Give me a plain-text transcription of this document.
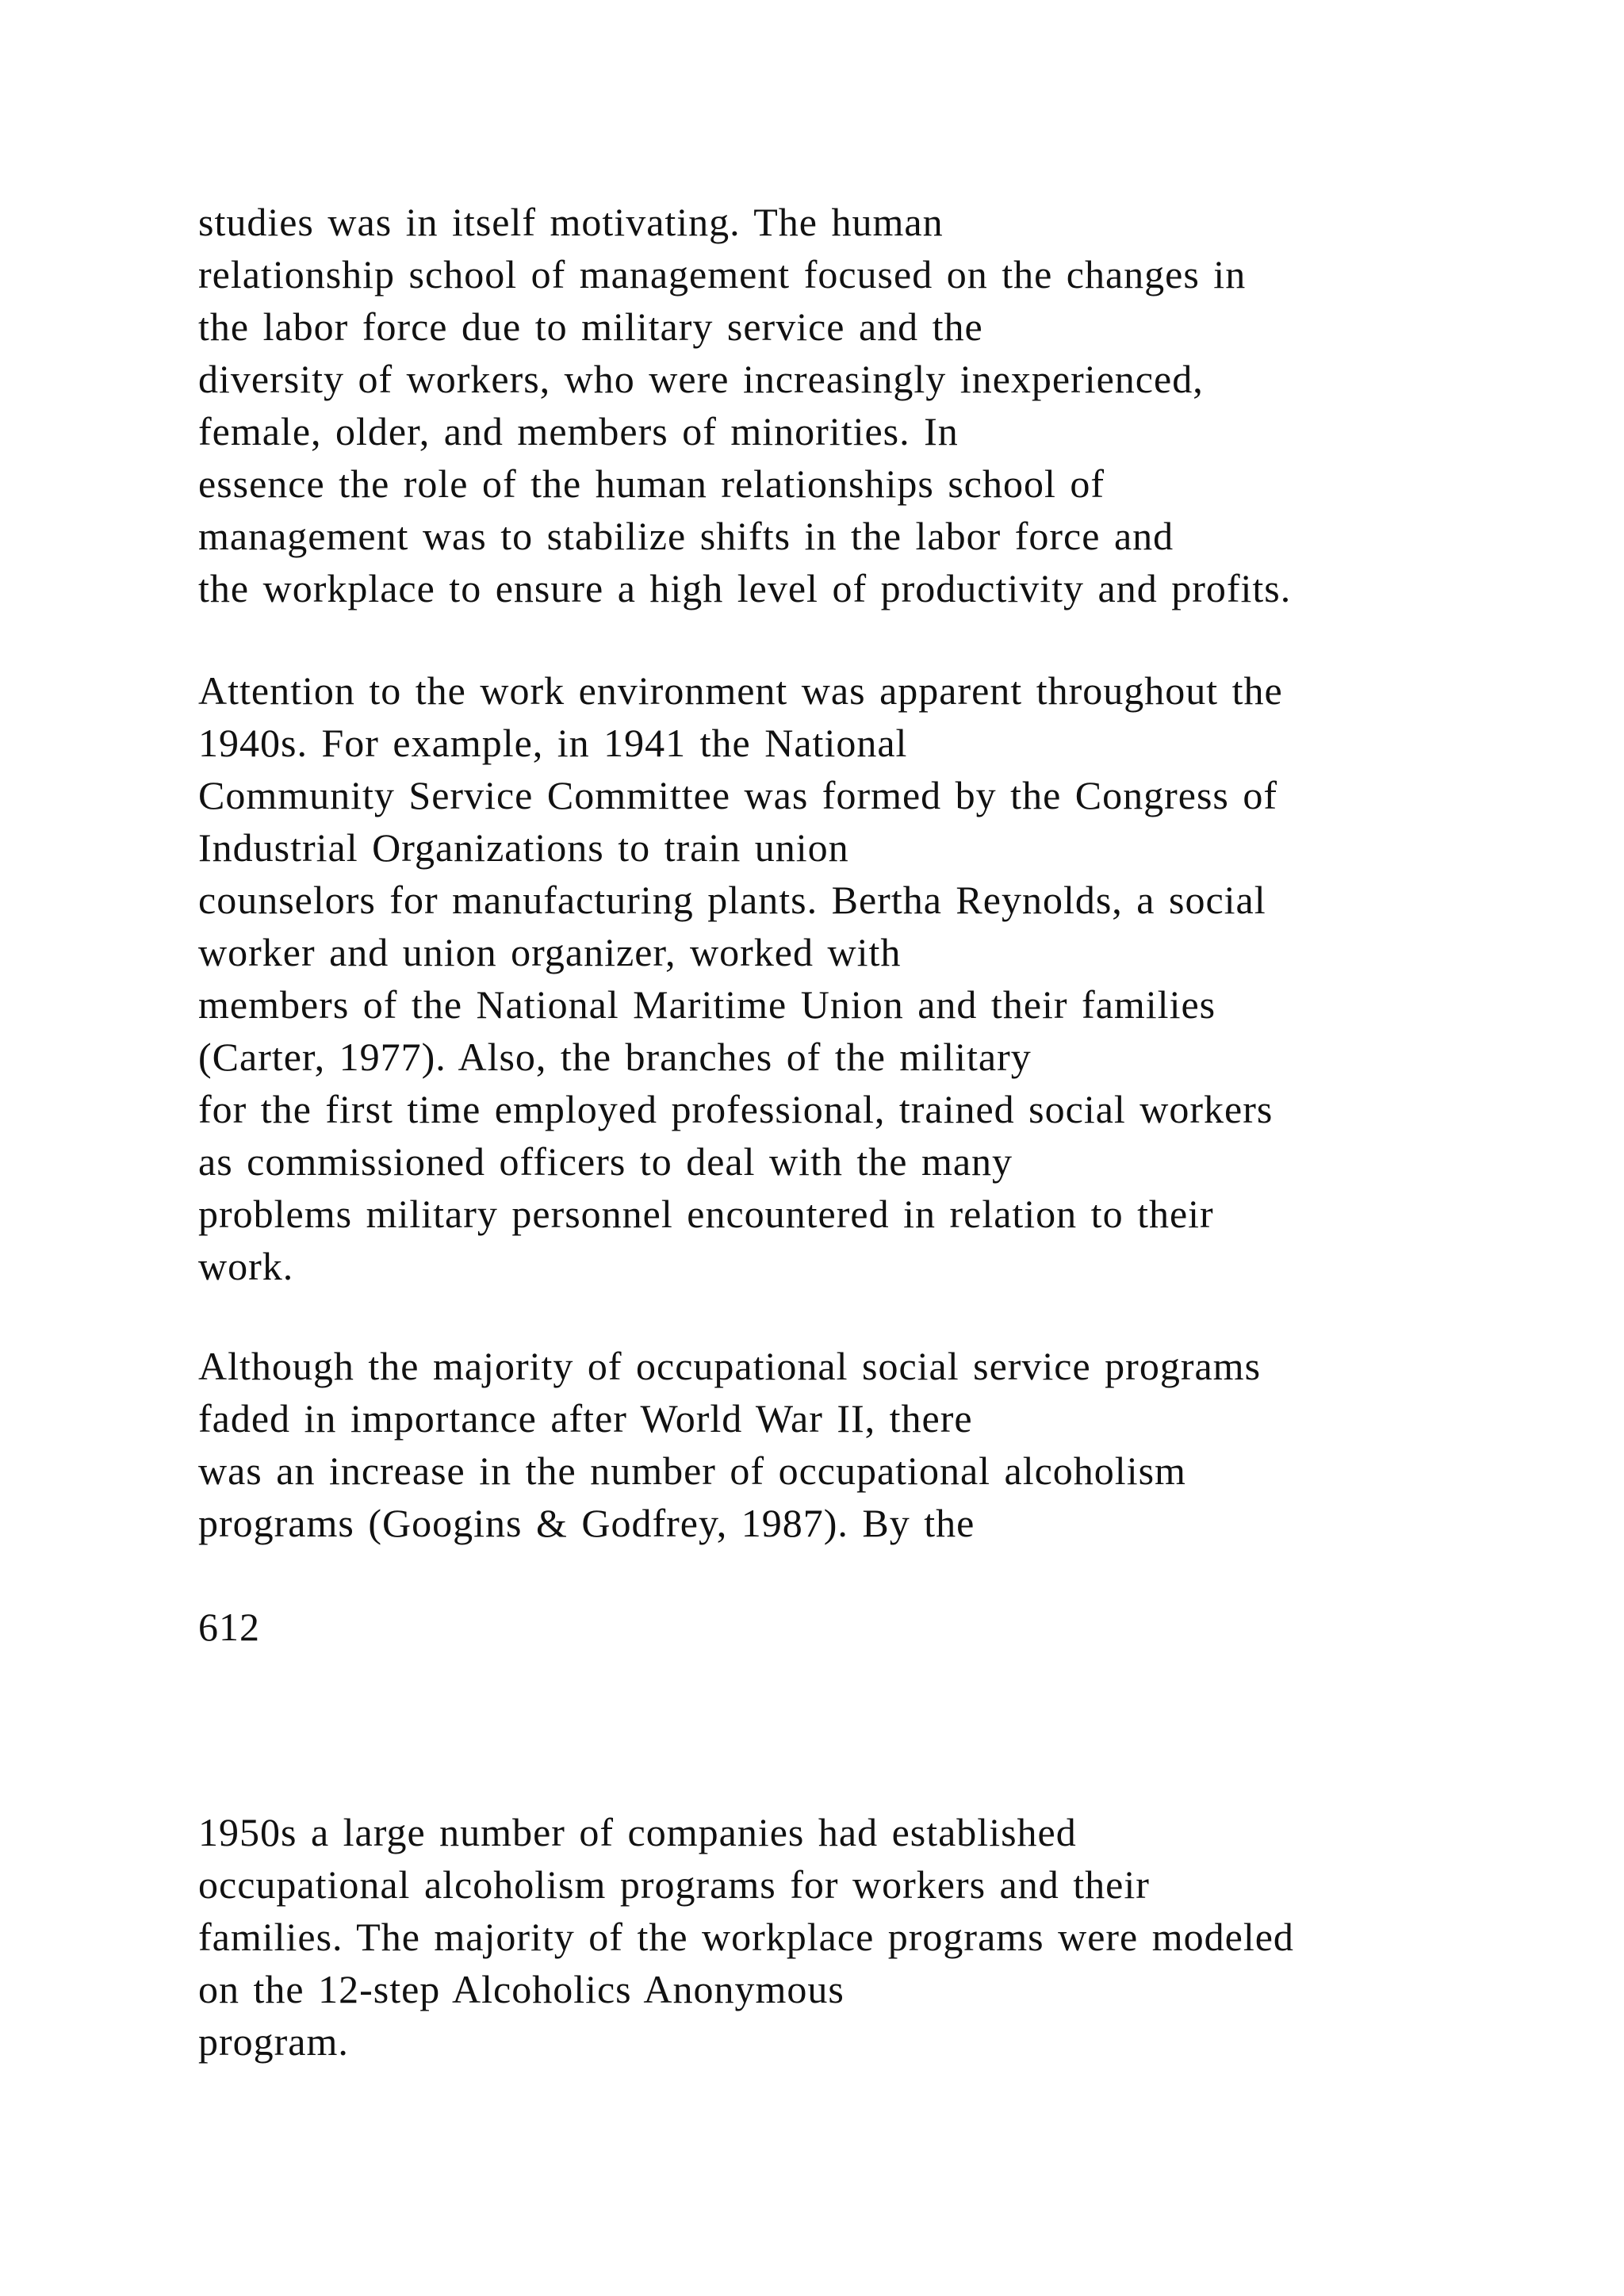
studies was in itself motivating. The human
relationship school of management focused on the changes in
the labor force due to military service and the
diversity of workers, who were increasingly inexperienced,
female, older, and members of minorities. In
essence the role of the human relationships school of
management was to stabilize shifts in the labor force and
the workplace to ensure a high level of productivity and profits.
Attention to the work environment was apparent throughout the
1940s. For example, in 1941 the National
Community Service Committee was formed by the Congress of
Industrial Organizations to train union
counselors for manufacturing plants. Bertha Reynolds, a social
worker and union organizer, worked with
members of the National Maritime Union and their families
(Carter, 1977). Also, the branches of the military
for the first time employed professional, trained social workers
as commissioned officers to deal with the many
problems military personnel encountered in relation to their
work.
Although the majority of occupational social service programs
faded in importance after World War II, there
was an increase in the number of occupational alcoholism
programs (Googins & Godfrey, 1987). By the
612
1950s a large number of companies had established
occupational alcoholism programs for workers and their
families. The majority of the workplace programs were modeled
on the 12-step Alcoholics Anonymous
program.
